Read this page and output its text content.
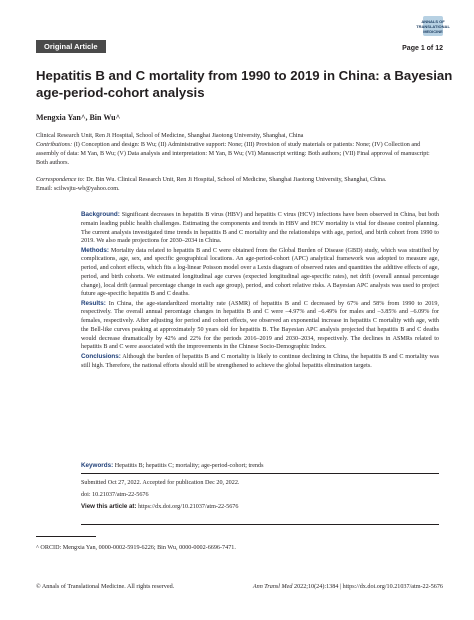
ANNALS OF TRANSLATIONAL MEDICINE
Original Article	Page 1 of 12
Hepatitis B and C mortality from 1990 to 2019 in China: a Bayesian age-period-cohort analysis
Mengxia Yan^, Bin Wu^
Clinical Research Unit, Ren Ji Hospital, School of Medicine, Shanghai Jiaotong University, Shanghai, China
Contributions: (I) Conception and design: B Wu; (II) Administrative support: None; (III) Provision of study materials or patients: None; (IV) Collection and assembly of data: M Yan, B Wu; (V) Data analysis and interpretation: M Yan, B Wu; (VI) Manuscript writing: Both authors; (VII) Final approval of manuscript: Both authors.
Correspondence to: Dr. Bin Wu. Clinical Research Unit, Ren Ji Hospital, School of Medicine, Shanghai Jiaotong University, Shanghai, China.
Email: scilwsjtu-wb@yahoo.com.

Background: Significant decreases in hepatitis B virus (HBV) and hepatitis C virus (HCV) infections have been observed in China, but both remain leading public health challenges. Estimating the components and trends in HBV and HCV mortality is vital for disease control planning. The current analysis investigated time trends in hepatitis B and C mortality and the relationships with age, period, and birth cohort from 1990 to 2019. We also made projections for 2030–2034 in China.

Methods: Mortality data related to hepatitis B and C were obtained from the Global Burden of Disease (GBD) study, which was stratified by complications, age, sex, and specific geographical locations. An age-period-cohort (APC) analytical framework was adopted to measure age, period, and cohort effects, which fits a log-linear Poisson model over a Lexis diagram of observed rates and quantities the additive effects of age, period, and birth cohorts. We estimated longitudinal age curves (expected longitudinal age-specific rates), net drift (overall annual percentage change), local drift (annual percentage change in each age group), period, and cohort relative risks. A Bayesian APC analysis was used to project future age-specific hepatitis B and C deaths.

Results: In China, the age-standardized mortality rate (ASMR) of hepatitis B and C decreased by 67% and 58% from 1990 to 2019, respectively. The overall annual percentage changes in hepatitis B and C were –4.97% and –6.49% for males and –3.85% and –6.09% for females, respectively. After adjusting for period and cohort effects, we observed an exponential increase in hepatitis C mortality with age, with the Bell-like curves peaking at approximately 50 years old for hepatitis B. The Bayesian APC analysis projected that hepatitis B and C deaths would decrease dramatically by 42% and 22% for the periods 2016–2019 and 2030–2034, respectively. The declines in ASMRs related to hepatitis B and C were associated with the improvements in the Chinese Socio-Demographic Index.

Conclusions: Although the burden of hepatitis B and C mortality is likely to continue declining in China, the hepatitis B and C mortality was still high. Therefore, the national efforts should still be strengthened to achieve the global hepatitis elimination targets.

Keywords: Hepatitis B; hepatitis C; mortality; age-period-cohort; trends
Submitted Oct 27, 2022. Accepted for publication Dec 20, 2022.
doi: 10.21037/atm-22-5676
View this article at: https://dx.doi.org/10.21037/atm-22-5676
^ ORCID: Mengxia Yan, 0000-0002-5919-6226; Bin Wu, 0000-0002-6696-7471.
© Annals of Translational Medicine. All rights reserved.	Ann Transl Med 2022;10(24):1384 | https://dx.doi.org/10.21037/atm-22-5676
